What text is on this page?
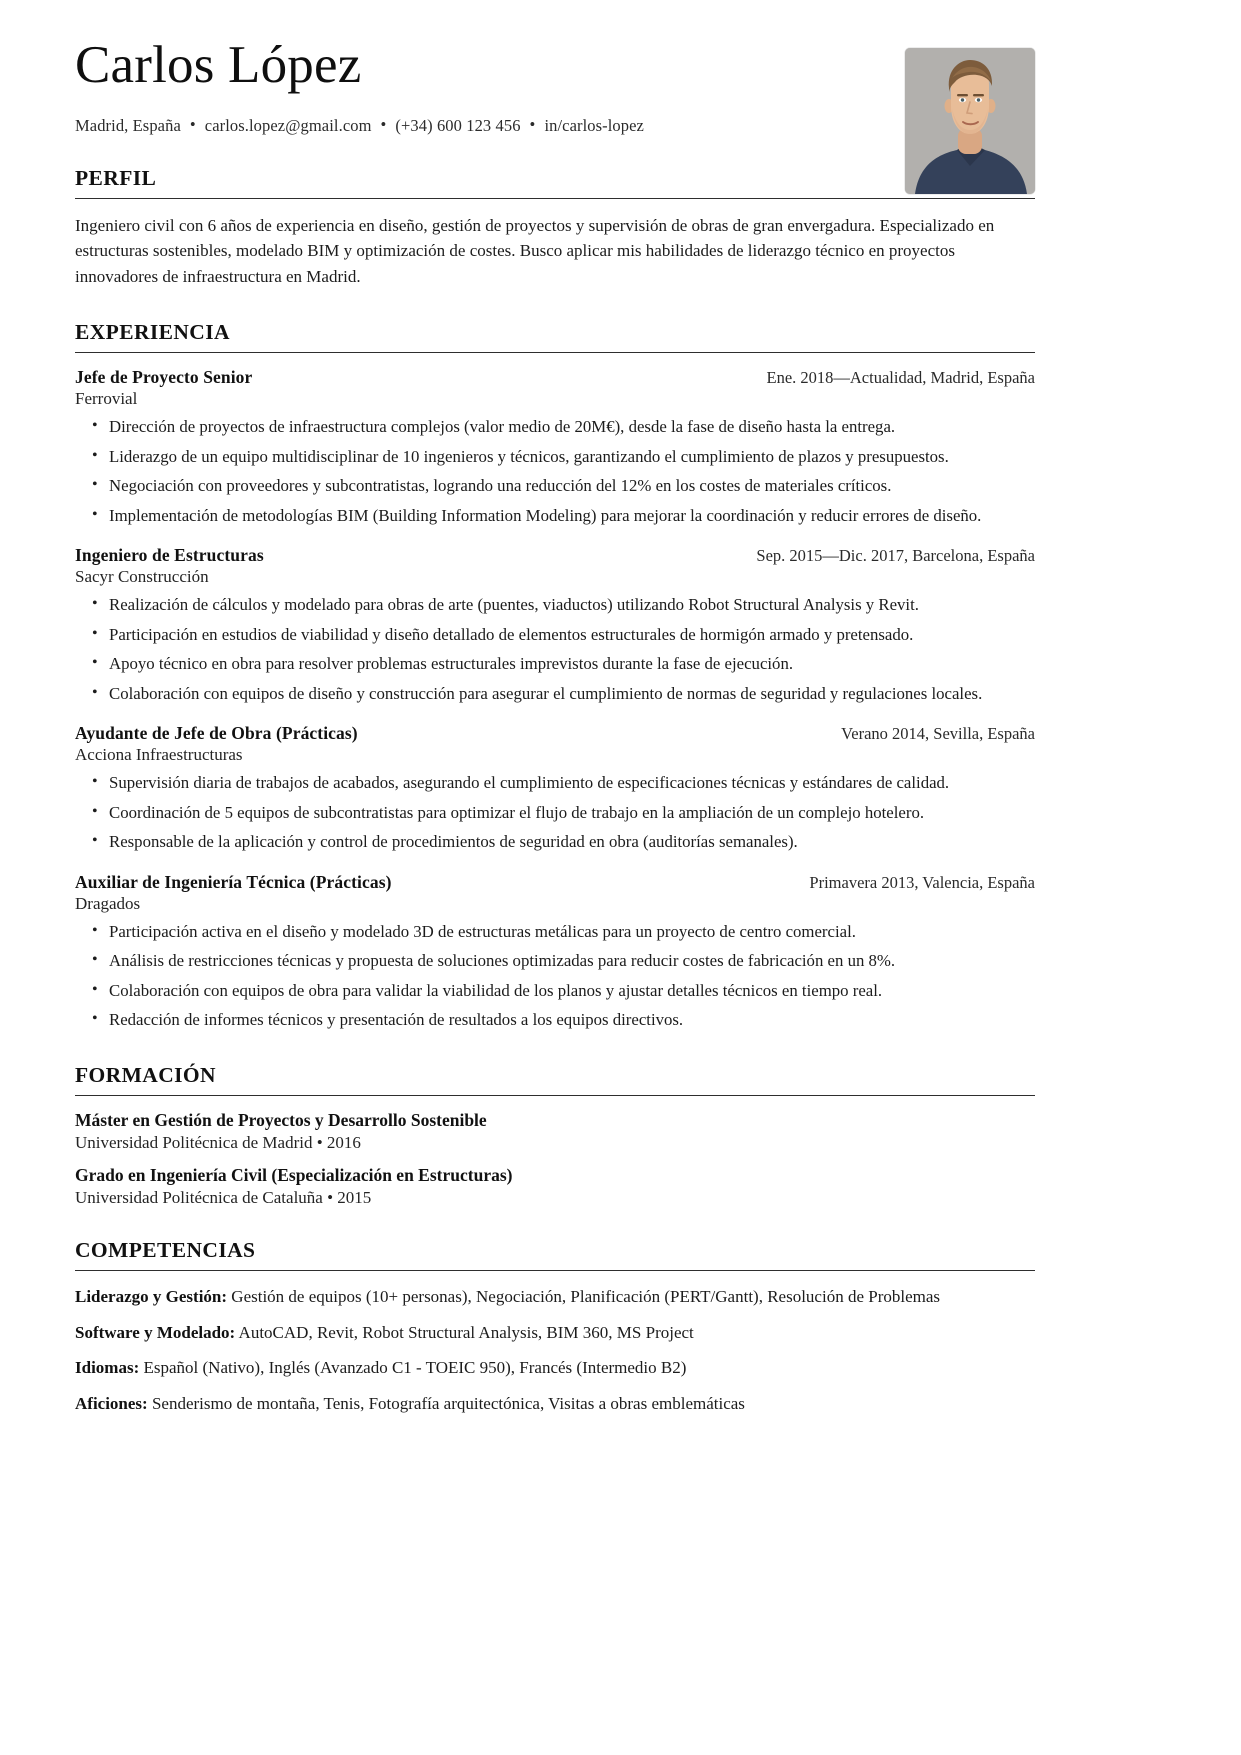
Carlos López
Madrid, España • carlos.lopez@gmail.com • (+34) 600 123 456 • in/carlos-lopez
PERFIL

Ingeniero civil con 6 años de experiencia en diseño, gestión de proyectos y supervisión de obras de gran envergadura. Especializado en estructuras sostenibles, modelado BIM y optimización de costes. Busco aplicar mis habilidades de liderazgo técnico en proyectos innovadores de infraestructura en Madrid.

EXPERIENCIA
Jefe de Proyecto Senior	Ene. 2018—Actualidad, Madrid, España
Ferrovial
• Dirección de proyectos de infraestructura complejos (valor medio de 20M€), desde la fase de diseño hasta la entrega.
• Liderazgo de un equipo multidisciplinar de 10 ingenieros y técnicos, garantizando el cumplimiento de plazos y presupuestos.
• Negociación con proveedores y subcontratistas, logrando una reducción del 12% en los costes de materiales críticos.
• Implementación de metodologías BIM (Building Information Modeling) para mejorar la coordinación y reducir errores de diseño.
Ingeniero de Estructuras	Sep. 2015—Dic. 2017, Barcelona, España
Sacyr Construcción
• Realización de cálculos y modelado para obras de arte (puentes, viaductos) utilizando Robot Structural Analysis y Revit.
• Participación en estudios de viabilidad y diseño detallado de elementos estructurales de hormigón armado y pretensado.
• Apoyo técnico en obra para resolver problemas estructurales imprevistos durante la fase de ejecución.
• Colaboración con equipos de diseño y construcción para asegurar el cumplimiento de normas de seguridad y regulaciones locales.
Ayudante de Jefe de Obra (Prácticas)	Verano 2014, Sevilla, España
Acciona Infraestructuras
• Supervisión diaria de trabajos de acabados, asegurando el cumplimiento de especificaciones técnicas y estándares de calidad.
• Coordinación de 5 equipos de subcontratistas para optimizar el flujo de trabajo en la ampliación de un complejo hotelero.
• Responsable de la aplicación y control de procedimientos de seguridad en obra (auditorías semanales).
Auxiliar de Ingeniería Técnica (Prácticas)	Primavera 2013, Valencia, España
Dragados
• Participación activa en el diseño y modelado 3D de estructuras metálicas para un proyecto de centro comercial.
• Análisis de restricciones técnicas y propuesta de soluciones optimizadas para reducir costes de fabricación en un 8%.
• Colaboración con equipos de obra para validar la viabilidad de los planos y ajustar detalles técnicos en tiempo real.
• Redacción de informes técnicos y presentación de resultados a los equipos directivos.
FORMACIÓN
Máster en Gestión de Proyectos y Desarrollo Sostenible
Universidad Politécnica de Madrid • 2016
Grado en Ingeniería Civil (Especialización en Estructuras)
Universidad Politécnica de Cataluña • 2015
COMPETENCIAS
Liderazgo y Gestión: Gestión de equipos (10+ personas), Negociación, Planificación (PERT/Gantt), Resolución de Problemas
Software y Modelado: AutoCAD, Revit, Robot Structural Analysis, BIM 360, MS Project
Idiomas: Español (Nativo), Inglés (Avanzado C1 - TOEIC 950), Francés (Intermedio B2)
Aficiones: Senderismo de montaña, Tenis, Fotografía arquitectónica, Visitas a obras emblemáticas
